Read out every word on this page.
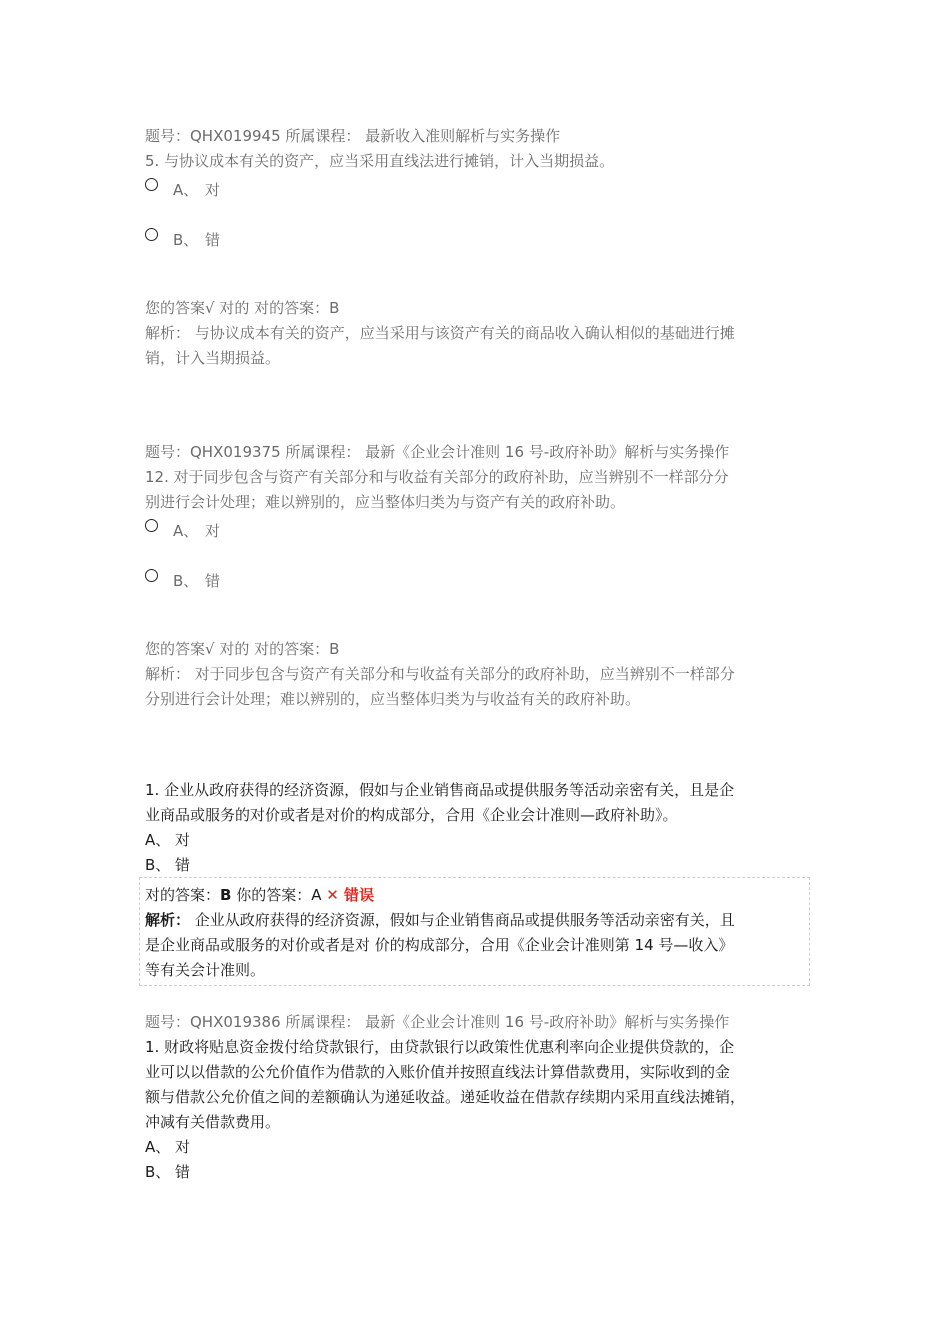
题号：QHX019945 所属课程： 最新收入准则解析与实务操作
5. 与协议成本有关的资产，应当采用直线法进行摊销，计入当期损益。
A、 对
B、 错
您的答案√ 对的 对的答案：B
解析： 与协议成本有关的资产，应当采用与该资产有关的商品收入确认相似的基础进行摊
销，计入当期损益。
题号：QHX019375 所属课程： 最新《企业会计准则 16 号-政府补助》解析与实务操作
12. 对于同步包含与资产有关部分和与收益有关部分的政府补助，应当辨别不一样部分分
别进行会计处理；难以辨别的，应当整体归类为与资产有关的政府补助。
A、 对
B、 错
您的答案√ 对的 对的答案：B
解析： 对于同步包含与资产有关部分和与收益有关部分的政府补助，应当辨别不一样部分
分别进行会计处理；难以辨别的，应当整体归类为与收益有关的政府补助。
1. 企业从政府获得的经济资源，假如与企业销售商品或提供服务等活动亲密有关，且是企
业商品或服务的对价或者是对价的构成部分，合用《企业会计准则—政府补助》。
A、 对
B、 错
对的答案：B 你的答案：A ✕ 错误
解析： 企业从政府获得的经济资源，假如与企业销售商品或提供服务等活动亲密有关，且
是企业商品或服务的对价或者是对 价的构成部分，合用《企业会计准则第 14 号—收入》
等有关会计准则。
题号：QHX019386 所属课程： 最新《企业会计准则 16 号-政府补助》解析与实务操作
1. 财政将贴息资金拨付给贷款银行，由贷款银行以政策性优惠利率向企业提供贷款的，企
业可以以借款的公允价值作为借款的入账价值并按照直线法计算借款费用，实际收到的金
额与借款公允价值之间的差额确认为递延收益。递延收益在借款存续期内采用直线法摊销，
冲减有关借款费用。
A、 对
B、 错
